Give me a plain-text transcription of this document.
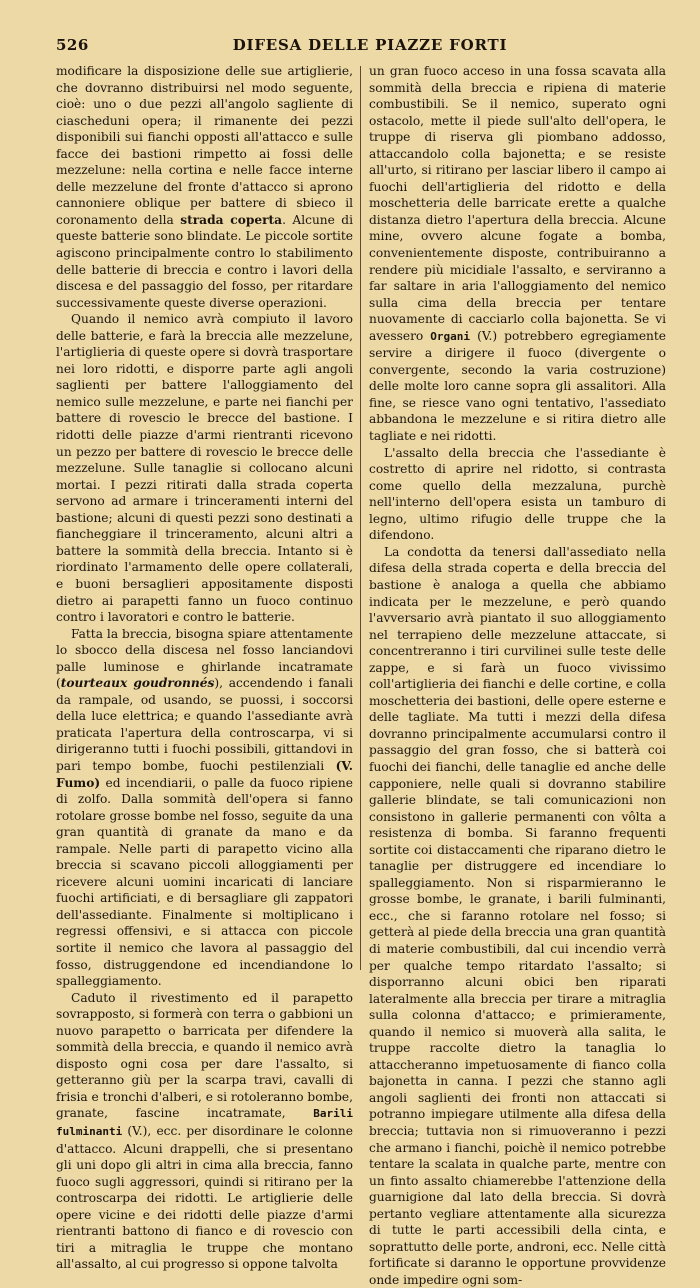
526	DIFESA DELLE PIAZZE FORTI

modificare la disposizione delle sue artiglierie, che dovranno distribuirsi nel modo seguente, cioè: uno o due pezzi all'angolo sagliente di ciascheduni opera; il rimanente dei pezzi disponibili sui fianchi opposti all'attacco e sulle facce dei bastioni rimpetto ai fossi delle mezzelune: nella cortina e nelle facce interne delle mezzelune del fronte d'attacco si aprono cannoniere oblique per battere di sbieco il coronamento della strada coperta. Alcune di queste batterie sono blindate. Le piccole sortite agiscono principalmente contro lo stabilimento delle batterie di breccia e contro i lavori della discesa e del passaggio del fosso, per ritardare successivamente queste diverse operazioni.

Quando il nemico avrà compiuto il lavoro delle batterie, e farà la breccia alle mezzelune, l'artiglieria di queste opere si dovrà trasportare nei loro ridotti, e disporre parte agli angoli saglienti per battere l'alloggiamento del nemico sulle mezzelune, e parte nei fianchi per battere di rovescio le brecce del bastione. I ridotti delle piazze d'armi rientranti ricevono un pezzo per battere di rovescio le brecce delle mezzelune. Sulle tanaglie si collocano alcuni mortai. I pezzi ritirati dalla strada coperta servono ad armare i trinceramenti interni del bastione; alcuni di questi pezzi sono destinati a fiancheggiare il trinceramento, alcuni altri a battere la sommità della breccia. Intanto si è riordinato l'armamento delle opere collaterali, e buoni bersaglieri appositamente disposti dietro ai parapetti fanno un fuoco continuo contro i lavoratori e contro le batterie.

Fatta la breccia, bisogna spiare attentamente lo sbocco della discesa nel fosso lanciandovi palle luminose e ghirlande incatramate (tourteaux goudronnés), accendendo i fanali da rampale, od usando, se puossi, i soccorsi della luce elettrica; e quando l'assediante avrà praticata l'apertura della controscarpa, vi si dirigeranno tutti i fuochi possibili, gittandovi in pari tempo bombe, fuochi pestilenziali (V. Fumo) ed incendiarii, o palle da fuoco ripiene di zolfo. Dalla sommità dell'opera si fanno rotolare grosse bombe nel fosso, seguite da una gran quantità di granate da mano e da rampale. Nelle parti di parapetto vicino alla breccia si scavano piccoli alloggiamenti per ricevere alcuni uomini incaricati di lanciare fuochi artificiati, e di bersagliare gli zappatori dell'assediante. Finalmente si moltiplicano i regressi offensivi, e si attacca con piccole sortite il nemico che lavora al passaggio del fosso, distruggendone ed incendiandone lo spalleggiamento.

Caduto il rivestimento ed il parapetto sovrapposto, si formerà con terra o gabbioni un nuovo parapetto o barricata per difendere la sommità della breccia, e quando il nemico avrà disposto ogni cosa per dare l'assalto, si getteranno giù per la scarpa travi, cavalli di frisia e tronchi d'alberi, e si rotoleranno bombe, granate, fascine incatramate, Barili fulminanti (V.), ecc. per disordinare le colonne d'attacco. Alcuni drappelli, che si presentano gli uni dopo gli altri in cima alla breccia, fanno fuoco sugli aggressori, quindi si ritirano per la controscarpa dei ridotti. Le artiglierie delle opere vicine e dei ridotti delle piazze d'armi rientranti battono di fianco e di rovescio con tiri a mitraglia le truppe che montano all'assalto, al cui progresso si oppone talvolta

un gran fuoco acceso in una fossa scavata alla sommità della breccia e ripiena di materie combustibili. Se il nemico, superato ogni ostacolo, mette il piede sull'alto dell'opera, le truppe di riserva gli piombano addosso, attaccandolo colla bajonetta; e se resiste all'urto, si ritirano per lasciar libero il campo ai fuochi dell'artiglieria del ridotto e della moschetteria delle barricate erette a qualche distanza dietro l'apertura della breccia. Alcune mine, ovvero alcune fogate a bomba, convenientemente disposte, contribuiranno a rendere più micidiale l'assalto, e serviranno a far saltare in aria l'alloggiamento del nemico sulla cima della breccia per tentare nuovamente di cacciarlo colla bajonetta. Se vi avessero Organi (V.) potrebbero egregiamente servire a dirigere il fuoco (divergente o convergente, secondo la varia costruzione) delle molte loro canne sopra gli assalitori. Alla fine, se riesce vano ogni tentativo, l'assediato abbandona le mezzelune e si ritira dietro alle tagliate e nei ridotti.

L'assalto della breccia che l'assediante è costretto di aprire nel ridotto, si contrasta come quello della mezzaluna, purchè nell'interno dell'opera esista un tamburo di legno, ultimo rifugio delle truppe che la difendono.

La condotta da tenersi dall'assediato nella difesa della strada coperta e della breccia del bastione è analoga a quella che abbiamo indicata per le mezzelune, e però quando l'avversario avrà piantato il suo alloggiamento nel terrapieno delle mezzelune attaccate, si concentreranno i tiri curvilinei sulle teste delle zappe, e si farà un fuoco vivissimo coll'artiglieria dei fianchi e delle cortine, e colla moschetteria dei bastioni, delle opere esterne e delle tagliate. Ma tutti i mezzi della difesa dovranno principalmente accumularsi contro il passaggio del gran fosso, che si batterà coi fuochi dei fianchi, delle tanaglie ed anche delle capponiere, nelle quali si dovranno stabilire gallerie blindate, se tali comunicazioni non consistono in gallerie permanenti con vôlta a resistenza di bomba. Si faranno frequenti sortite coi distaccamenti che riparano dietro le tanaglie per distruggere ed incendiare lo spalleggiamento. Non si risparmieranno le grosse bombe, le granate, i barili fulminanti, ecc., che si faranno rotolare nel fosso; si getterà al piede della breccia una gran quantità di materie combustibili, dal cui incendio verrà per qualche tempo ritardato l'assalto; si disporranno alcuni obici ben riparati lateralmente alla breccia per tirare a mitraglia sulla colonna d'attacco; e primieramente, quando il nemico si muoverà alla salita, le truppe raccolte dietro la tanaglia lo attaccheranno impetuosamente di fianco colla bajonetta in canna. I pezzi che stanno agli angoli saglienti dei fronti non attaccati si potranno impiegare utilmente alla difesa della breccia; tuttavia non si rimuoveranno i pezzi che armano i fianchi, poichè il nemico potrebbe tentare la scalata in qualche parte, mentre con un finto assalto chiamerebbe l'attenzione della guarnigione dal lato della breccia. Si dovrà pertanto vegliare attentamente alla sicurezza di tutte le parti accessibili della cinta, e soprattutto delle porte, androni, ecc. Nelle città fortificate si daranno le opportune provvidenze onde impedire ogni som-
